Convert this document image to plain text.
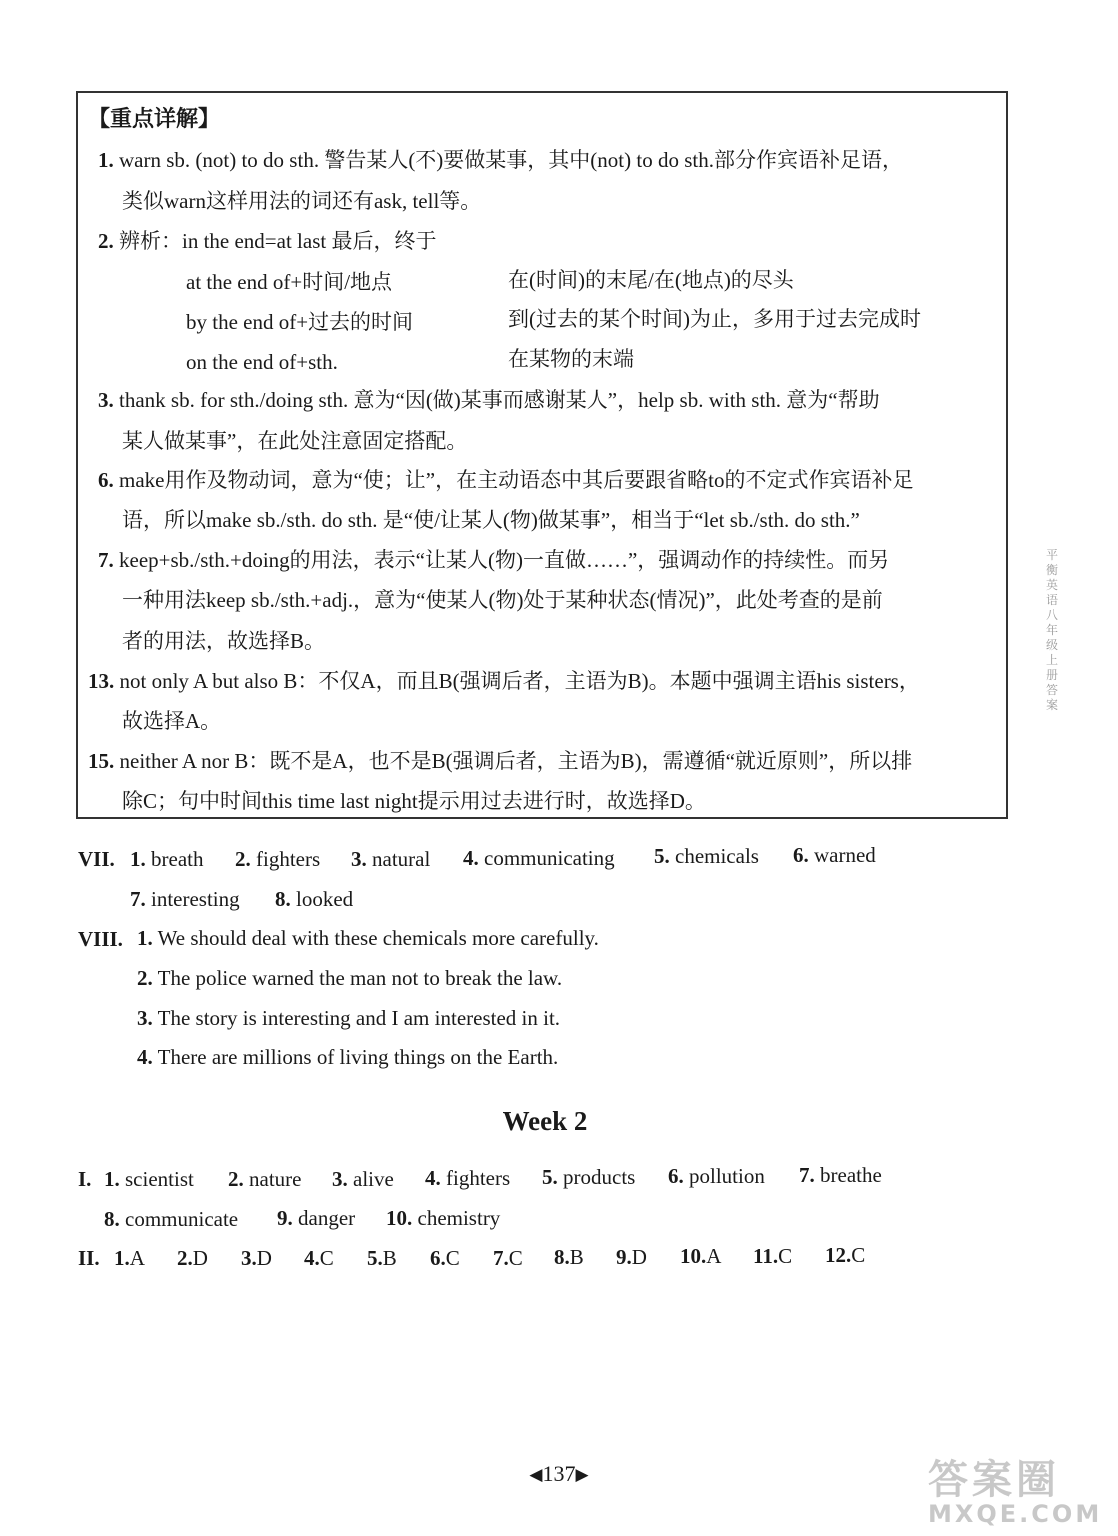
【重点详解】
1. warn sb. (not) to do sth. 警告某人(不)要做某事，其中(not) to do sth.部分作宾语补足语，
类似warn这样用法的词还有ask, tell等。
2. 辨析：in the end=at last 最后，终于
at the end of+时间/地点	在(时间)的末尾/在(地点)的尽头
by the end of+过去的时间	到(过去的某个时间)为止，多用于过去完成时
on the end of+sth.	在某物的末端
3. thank sb. for sth./doing sth. 意为“因(做)某事而感谢某人”，help sb. with sth. 意为“帮助
某人做某事”，在此处注意固定搭配。
6. make用作及物动词，意为“使；让”，在主动语态中其后要跟省略to的不定式作宾语补足
语，所以make sb./sth. do sth. 是“使/让某人(物)做某事”，相当于“let sb./sth. do sth.”
7. keep+sb./sth.+doing的用法，表示“让某人(物)一直做……”，强调动作的持续性。而另
一种用法keep sb./sth.+adj.，意为“使某人(物)处于某种状态(情况)”，此处考查的是前
者的用法，故选择B。
13. not only A but also B：不仅A，而且B(强调后者，主语为B)。本题中强调主语his sisters，
故选择A。
15. neither A nor B：既不是A，也不是B(强调后者，主语为B)，需遵循“就近原则”，所以排
除C；句中时间this time last night提示用过去进行时，故选择D。
VII. 1. breath 2. fighters 3. natural 4. communicating 5. chemicals 6. warned
7. interesting 8. looked
VIII. 1. We should deal with these chemicals more carefully.
2. The police warned the man not to break the law.
3. The story is interesting and I am interested in it.
4. There are millions of living things on the Earth.
Week 2
I. 1. scientist 2. nature 3. alive 4. fighters 5. products 6. pollution 7. breathe
8. communicate 9. danger 10. chemistry
II. 1.A 2.D 3.D 4.C 5.B 6.C 7.C 8.B 9.D 10.A 11.C 12.C
平衡英语八年级上册答案
◀137▶	答案圈
MXQE.COM
